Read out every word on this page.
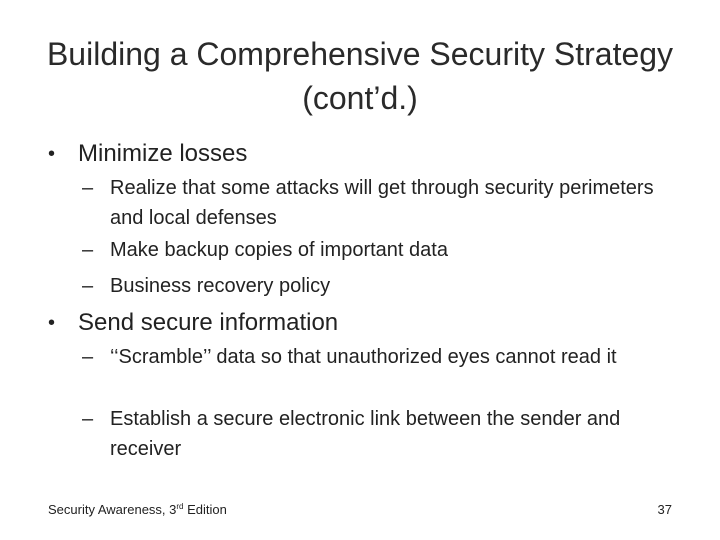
Building a Comprehensive Security Strategy (cont’d.)
• Minimize losses
– Realize that some attacks will get through security perimeters and local defenses
– Make backup copies of important data
– Business recovery policy
• Send secure information
– ‘‘Scramble’’ data so that unauthorized eyes cannot read it
– Establish a secure electronic link between the sender and receiver
Security Awareness, 3rd Edition	37
